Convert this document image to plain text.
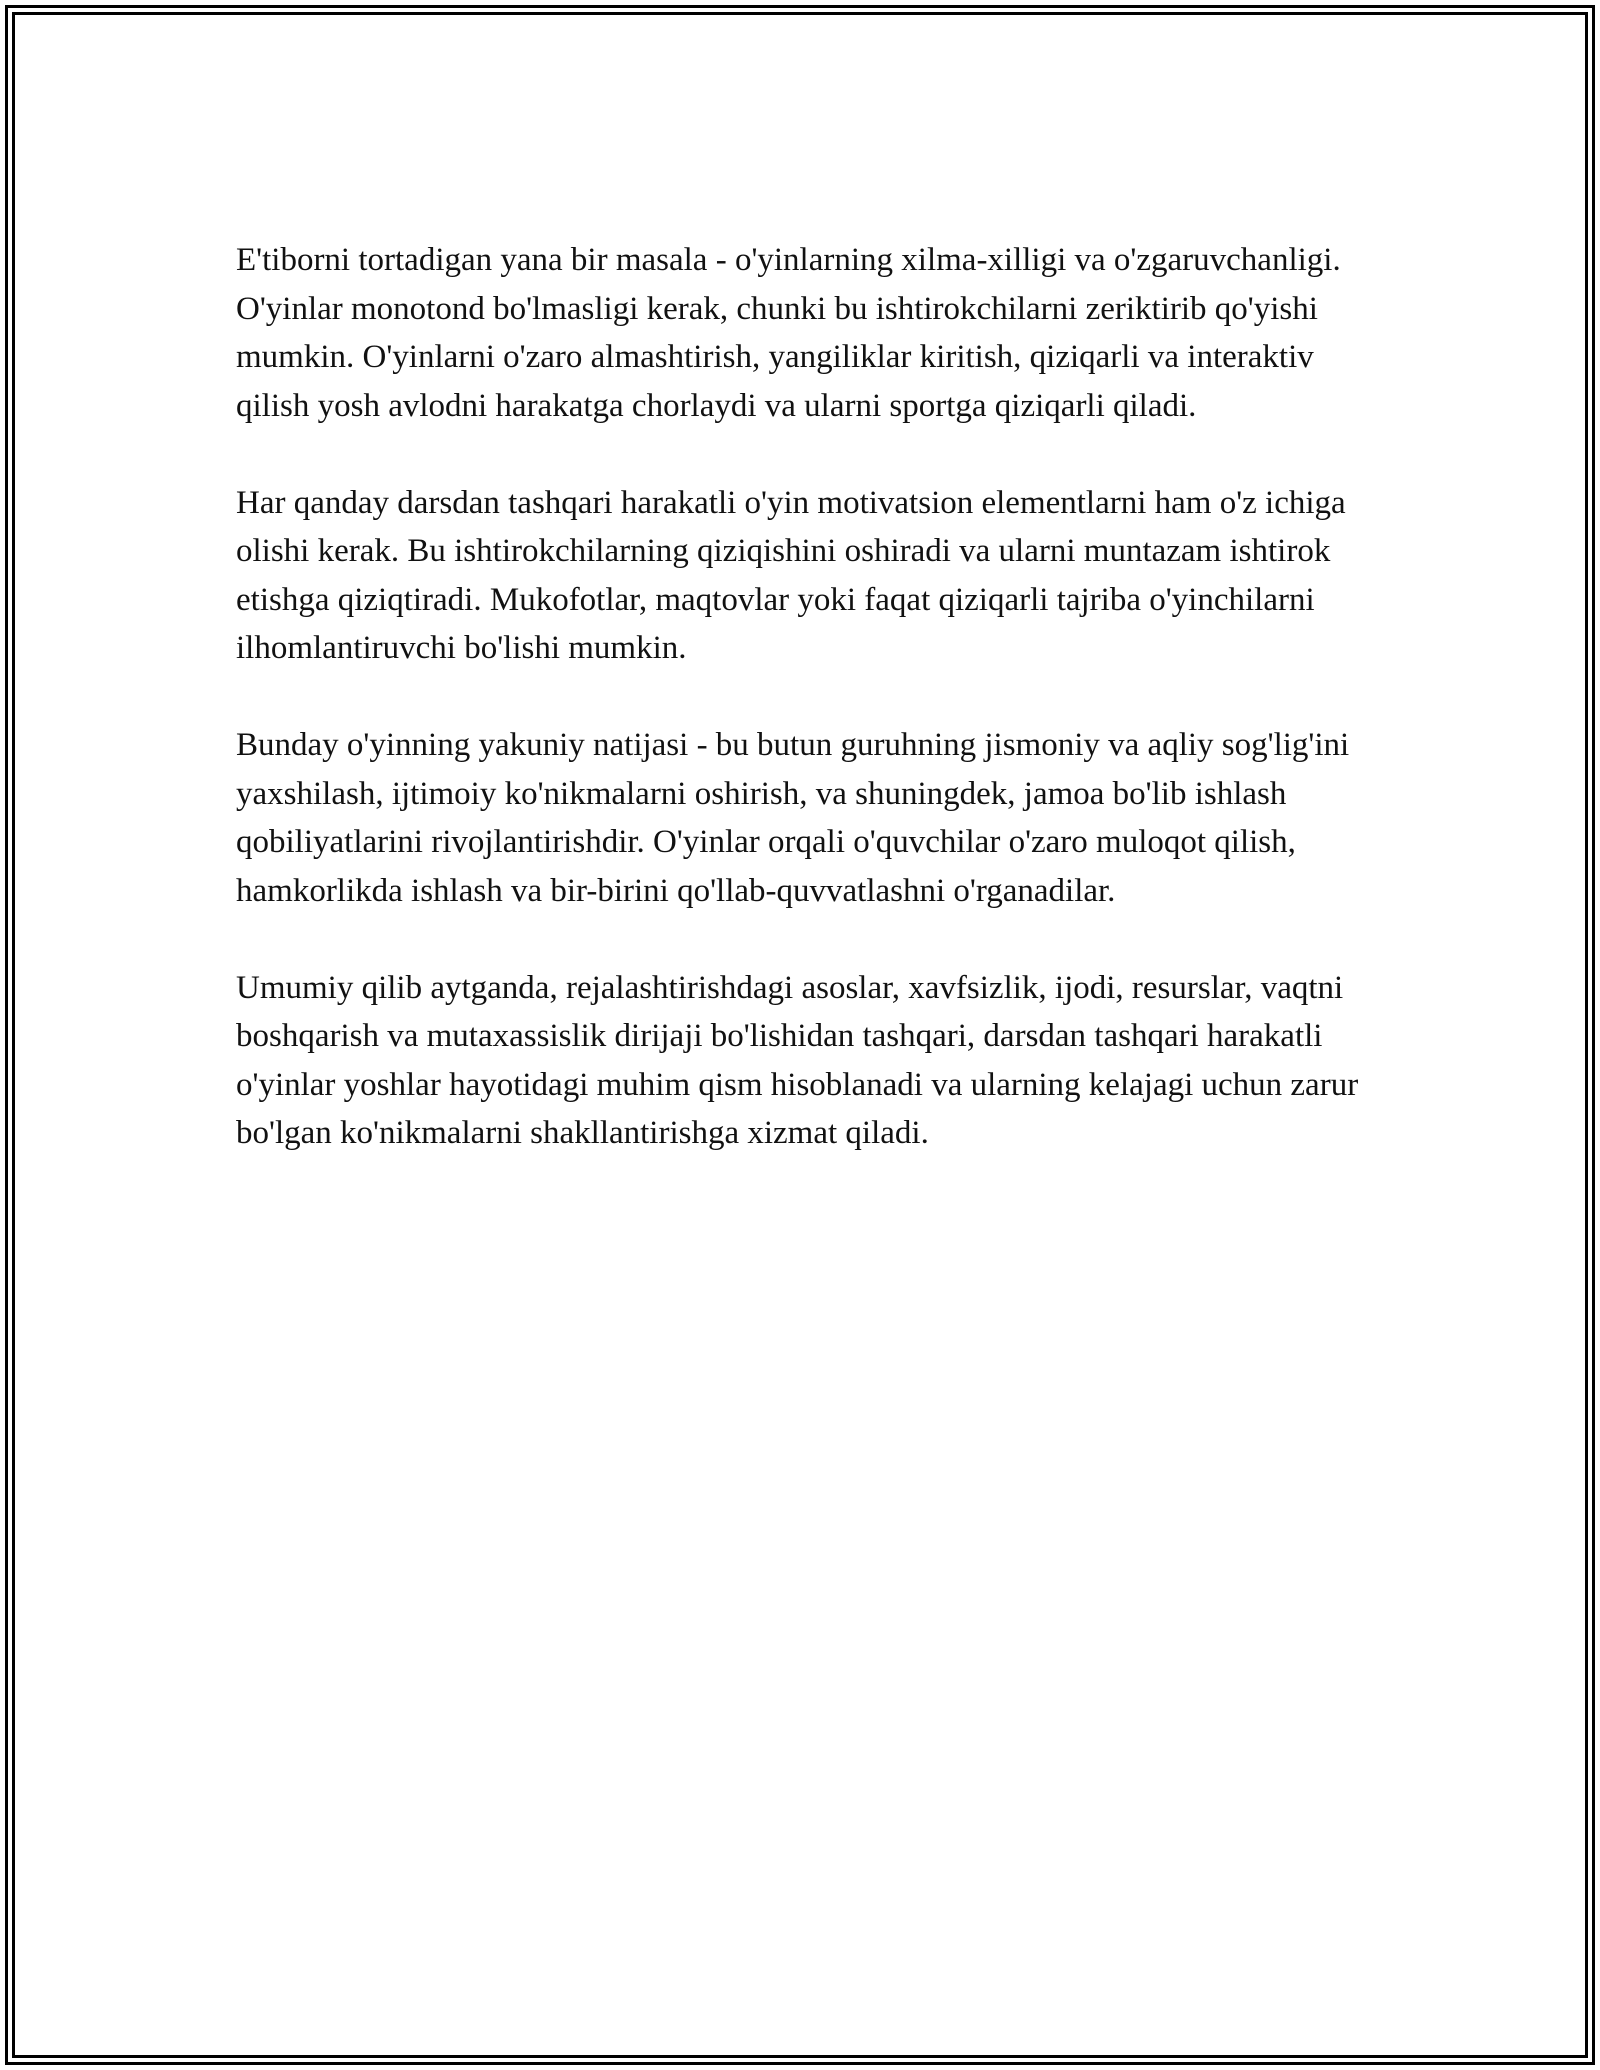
E'tiborni tortadigan yana bir masala - o'yinlarning xilma-xilligi va o'zgaruvchanligi. O'yinlar monotond bo'lmasligi kerak, chunki bu ishtirokchilarni zeriktirib qo'yishi mumkin. O'yinlarni o'zaro almashtirish, yangiliklar kiritish, qiziqarli va interaktiv qilish yosh avlodni harakatga chorlaydi va ularni sportga qiziqarli qiladi.

Har qanday darsdan tashqari harakatli o'yin motivatsion elementlarni ham o'z ichiga olishi kerak. Bu ishtirokchilarning qiziqishini oshiradi va ularni muntazam ishtirok etishga qiziqtiradi. Mukofotlar, maqtovlar yoki faqat qiziqarli tajriba o'yinchilarni ilhomlantiruvchi bo'lishi mumkin.

Bunday o'yinning yakuniy natijasi - bu butun guruhning jismoniy va aqliy sog'lig'ini yaxshilash, ijtimoiy ko'nikmalarni oshirish, va shuningdek, jamoa bo'lib ishlash qobiliyatlarini rivojlantirishdir. O'yinlar orqali o'quvchilar o'zaro muloqot qilish, hamkorlikda ishlash va bir-birini qo'llab-quvvatlashni o'rganadilar.

Umumiy qilib aytganda, rejalashtirishdagi asoslar, xavfsizlik, ijodi, resurslar, vaqtni boshqarish va mutaxassislik dirijaji bo'lishidan tashqari, darsdan tashqari harakatli o'yinlar yoshlar hayotidagi muhim qism hisoblanadi va ularning kelajagi uchun zarur bo'lgan ko'nikmalarni shakllantirishga xizmat qiladi.
